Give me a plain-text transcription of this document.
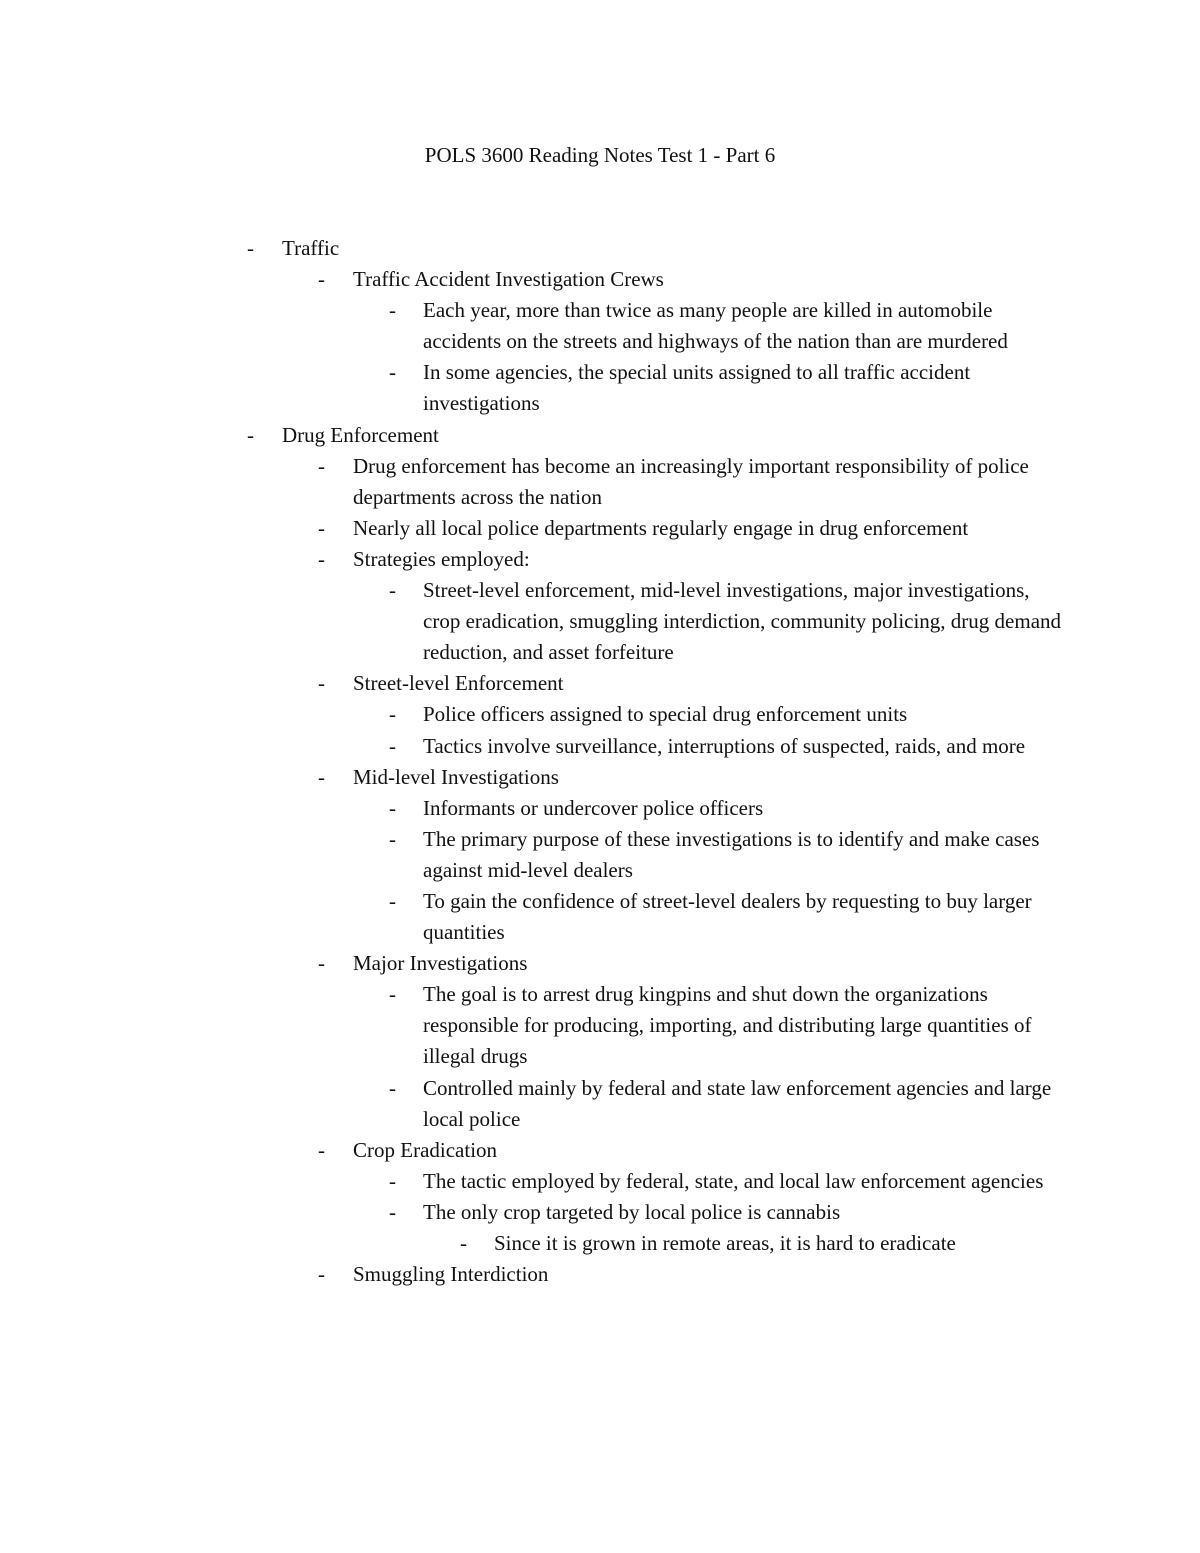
POLS 3600 Reading Notes Test 1 - Part 6
- Traffic
- Traffic Accident Investigation Crews
- Each year, more than twice as many people are killed in automobile accidents on the streets and highways of the nation than are murdered
- In some agencies, the special units assigned to all traffic accident investigations
- Drug Enforcement
- Drug enforcement has become an increasingly important responsibility of police departments across the nation
- Nearly all local police departments regularly engage in drug enforcement
- Strategies employed:
- Street-level enforcement, mid-level investigations, major investigations, crop eradication, smuggling interdiction, community policing, drug demand reduction, and asset forfeiture
- Street-level Enforcement
- Police officers assigned to special drug enforcement units
- Tactics involve surveillance, interruptions of suspected, raids, and more
- Mid-level Investigations
- Informants or undercover police officers
- The primary purpose of these investigations is to identify and make cases against mid-level dealers
- To gain the confidence of street-level dealers by requesting to buy larger quantities
- Major Investigations
- The goal is to arrest drug kingpins and shut down the organizations responsible for producing, importing, and distributing large quantities of illegal drugs
- Controlled mainly by federal and state law enforcement agencies and large local police
- Crop Eradication
- The tactic employed by federal, state, and local law enforcement agencies
- The only crop targeted by local police is cannabis
- Since it is grown in remote areas, it is hard to eradicate
- Smuggling Interdiction
